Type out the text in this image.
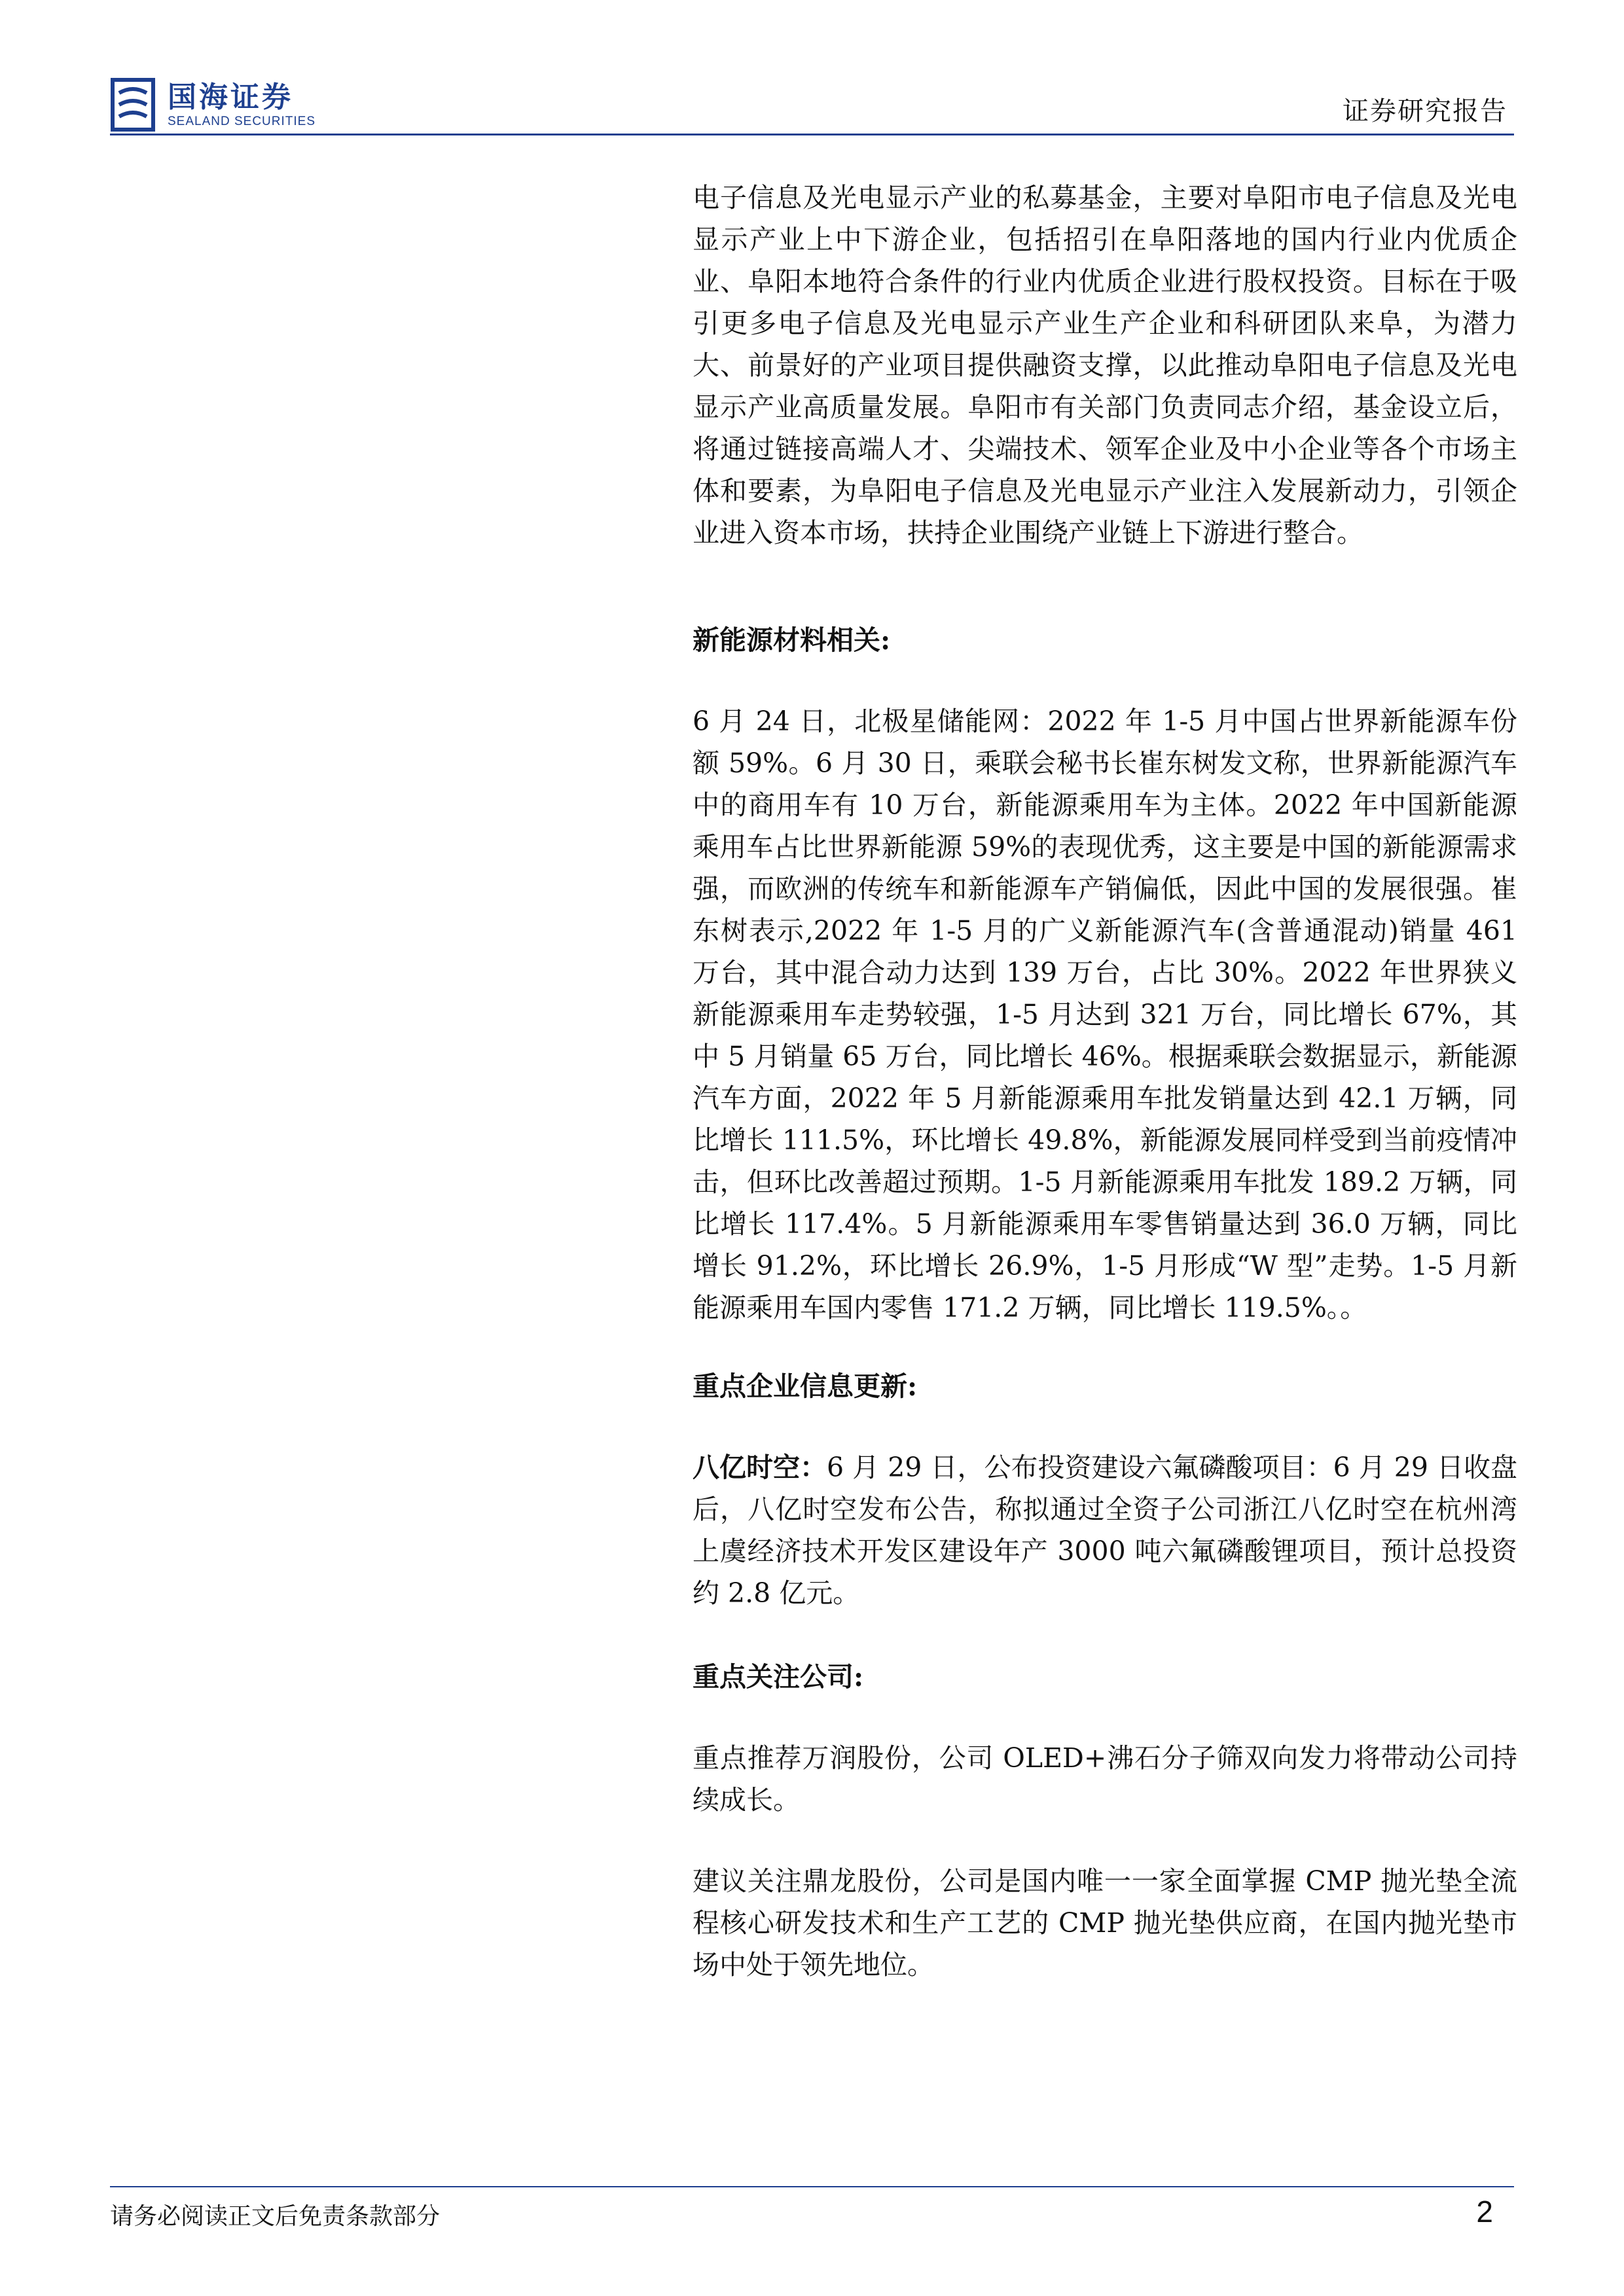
国海证券
SEALAND SECURITIES	证券研究报告

电子信息及光电显示产业的私募基金，主要对阜阳市电子信息及光电显示产业上中下游企业，包括招引在阜阳落地的国内行业内优质企业、阜阳本地符合条件的行业内优质企业进行股权投资。目标在于吸引更多电子信息及光电显示产业生产企业和科研团队来阜，为潜力大、前景好的产业项目提供融资支撑，以此推动阜阳电子信息及光电显示产业高质量发展。阜阳市有关部门负责同志介绍，基金设立后，将通过链接高端人才、尖端技术、领军企业及中小企业等各个市场主体和要素，为阜阳电子信息及光电显示产业注入发展新动力，引领企业进入资本市场，扶持企业围绕产业链上下游进行整合。

新能源材料相关:

6 月 24 日，北极星储能网：2022 年 1-5 月中国占世界新能源车份额 59%。6 月 30 日，乘联会秘书长崔东树发文称，世界新能源汽车中的商用车有 10 万台，新能源乘用车为主体。2022 年中国新能源乘用车占比世界新能源 59%的表现优秀，这主要是中国的新能源需求强，而欧洲的传统车和新能源车产销偏低，因此中国的发展很强。崔东树表示,2022 年 1-5 月的广义新能源汽车(含普通混动)销量 461 万台，其中混合动力达到 139 万台，占比 30%。2022 年世界狭义新能源乘用车走势较强，1-5 月达到 321 万台，同比增长 67%，其中 5 月销量 65 万台，同比增长 46%。根据乘联会数据显示，新能源汽车方面，2022 年 5 月新能源乘用车批发销量达到 42.1 万辆，同比增长 111.5%，环比增长 49.8%，新能源发展同样受到当前疫情冲击，但环比改善超过预期。1-5 月新能源乘用车批发 189.2 万辆，同比增长 117.4%。5 月新能源乘用车零售销量达到 36.0 万辆，同比增长 91.2%，环比增长 26.9%，1-5 月形成“W 型”走势。1-5 月新能源乘用车国内零售 171.2 万辆，同比增长 119.5%。。

重点企业信息更新:

八亿时空：6 月 29 日，公布投资建设六氟磷酸项目：6 月 29 日收盘后，八亿时空发布公告，称拟通过全资子公司浙江八亿时空在杭州湾上虞经济技术开发区建设年产 3000 吨六氟磷酸锂项目，预计总投资约 2.8 亿元。

重点关注公司:

重点推荐万润股份，公司 OLED+沸石分子筛双向发力将带动公司持续成长。

建议关注鼎龙股份，公司是国内唯一一家全面掌握 CMP 抛光垫全流程核心研发技术和生产工艺的 CMP 抛光垫供应商，在国内抛光垫市场中处于领先地位。

请务必阅读正文后免责条款部分	2
